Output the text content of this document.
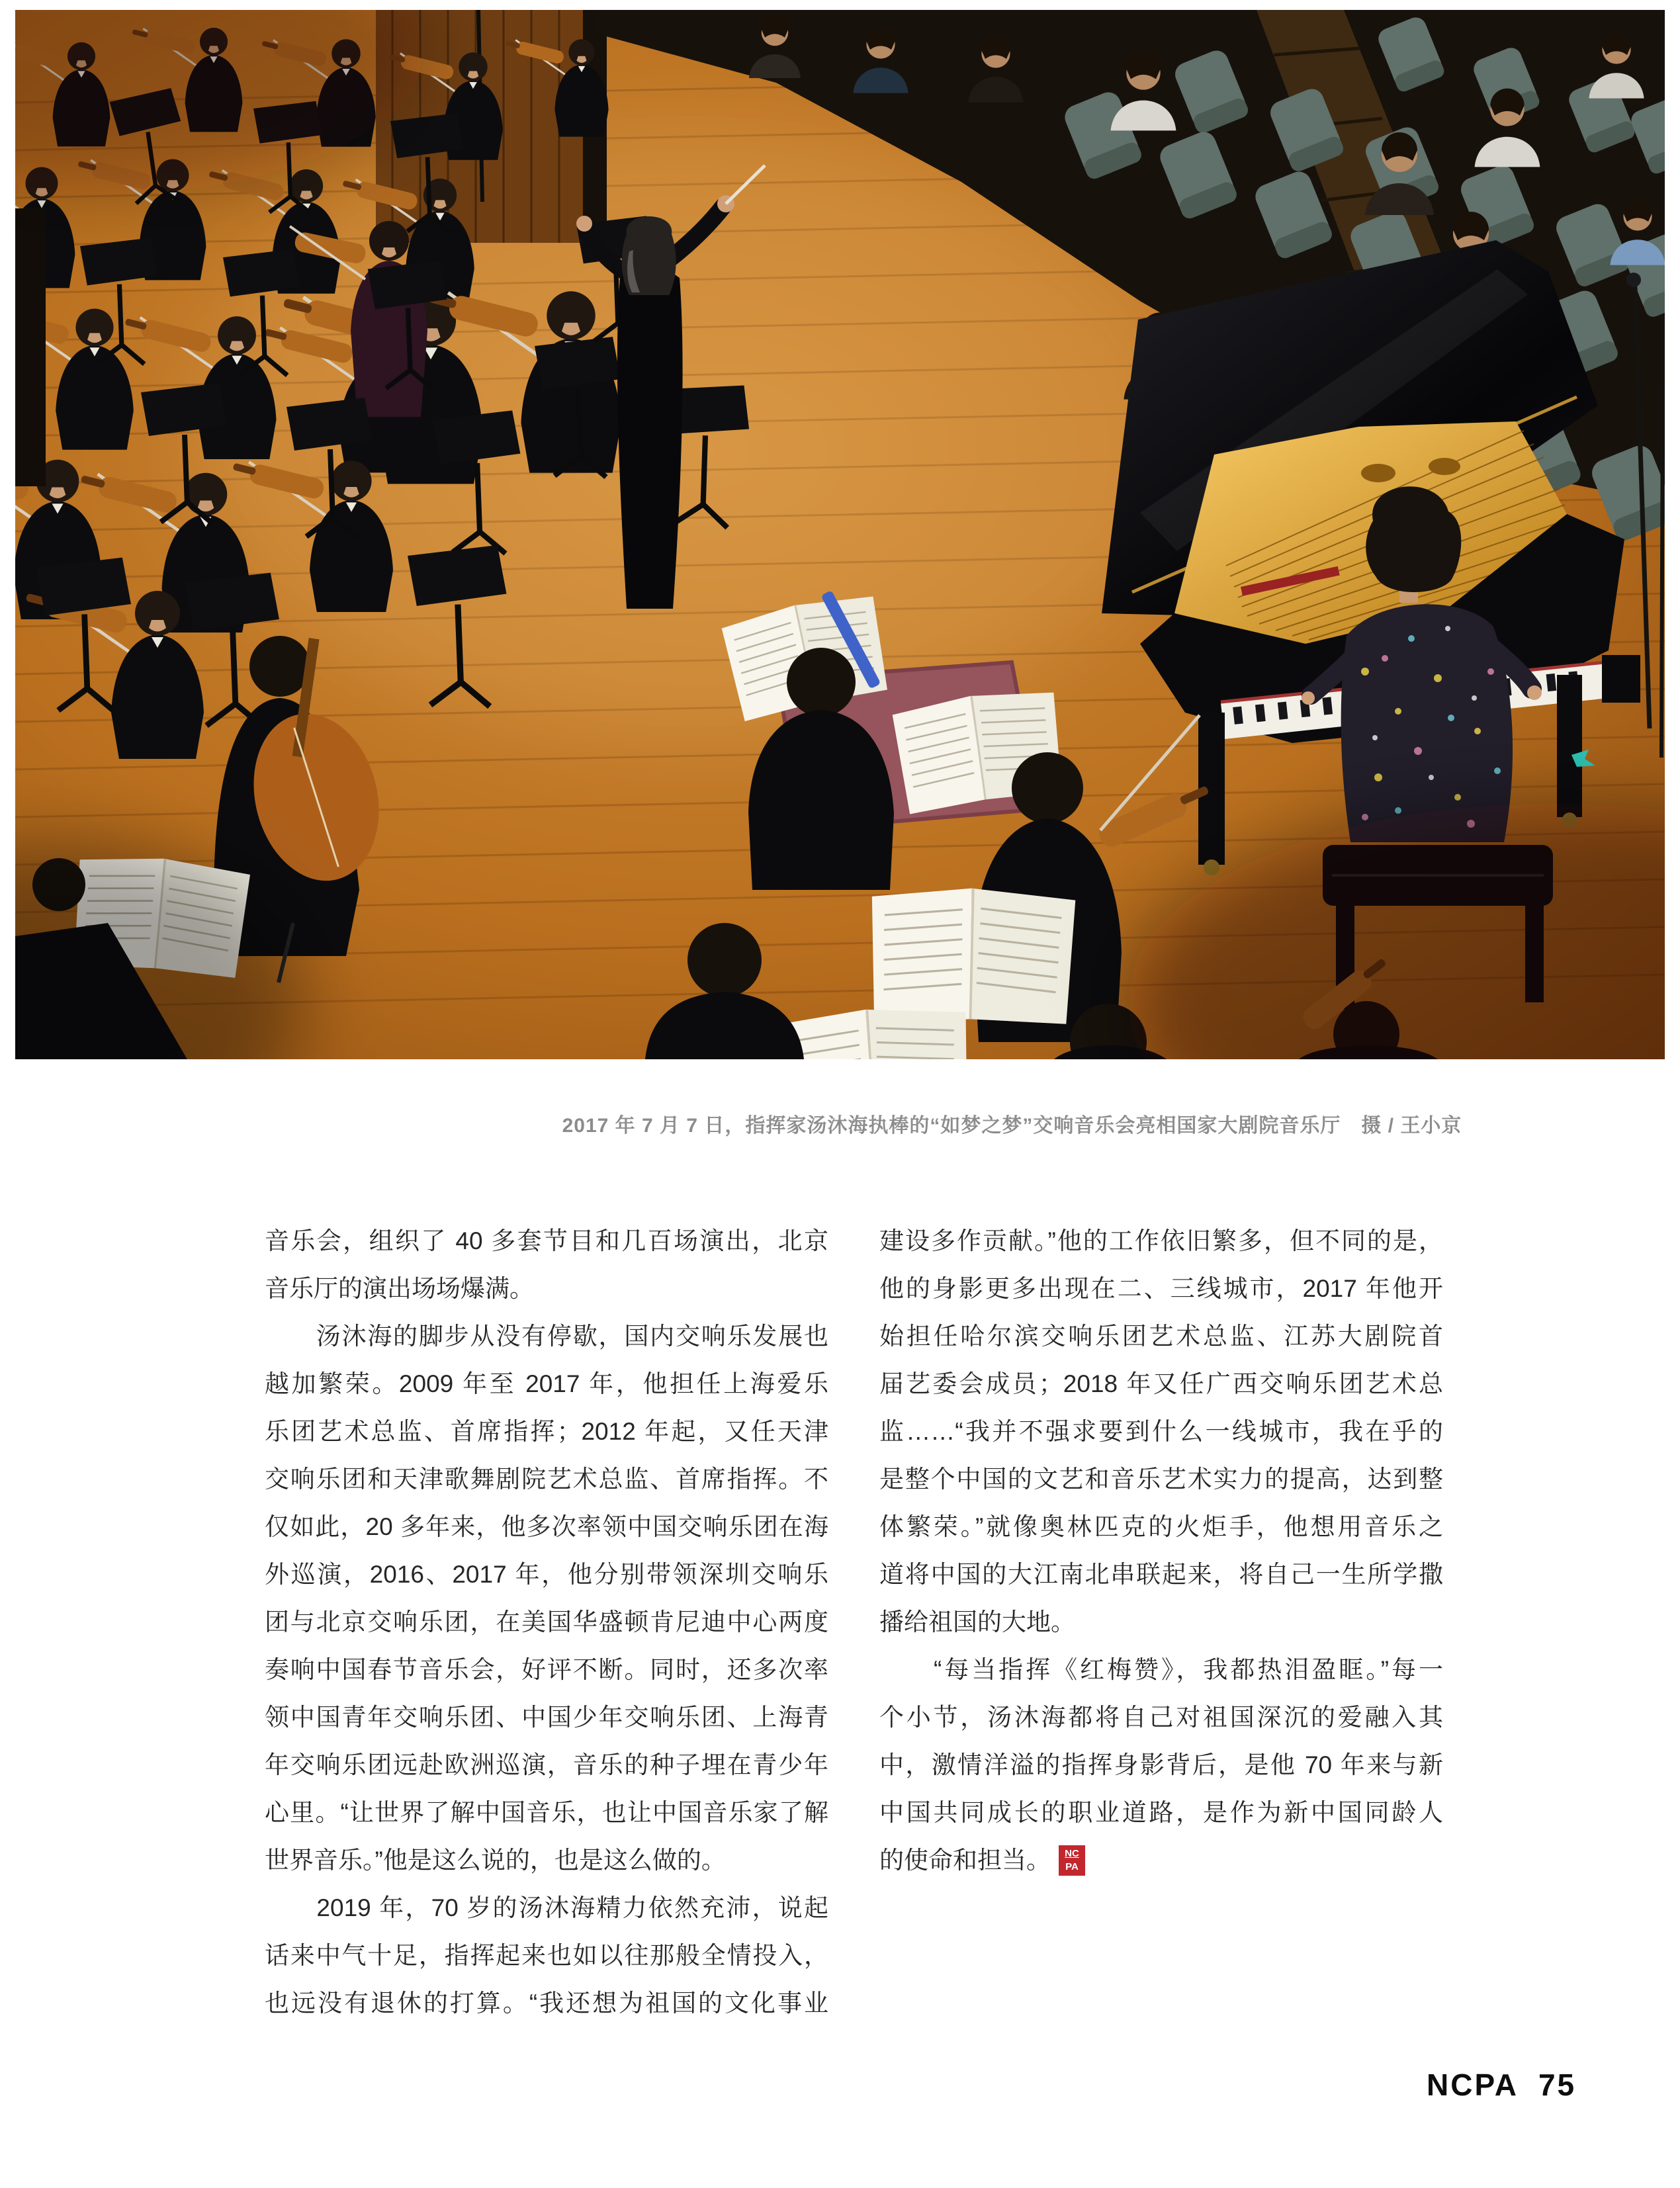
2017 年 7 月 7 日，指挥家汤沐海执棒的“如梦之梦”交响音乐会亮相国家大剧院音乐厅　摄 / 王小京
音乐会，组织了 40 多套节目和几百场演出，北京
音乐厅的演出场场爆满。
　　汤沐海的脚步从没有停歇，国内交响乐发展也
越加繁荣。2009 年至 2017 年，他担任上海爱乐
乐团艺术总监、首席指挥；2012 年起，又任天津
交响乐团和天津歌舞剧院艺术总监、首席指挥。不
仅如此，20 多年来，他多次率领中国交响乐团在海
外巡演，2016、2017 年，他分别带领深圳交响乐
团与北京交响乐团，在美国华盛顿肯尼迪中心两度
奏响中国春节音乐会，好评不断。同时，还多次率
领中国青年交响乐团、中国少年交响乐团、上海青
年交响乐团远赴欧洲巡演，音乐的种子埋在青少年
心里。“让世界了解中国音乐，也让中国音乐家了解
世界音乐。”他是这么说的，也是这么做的。
　　2019 年，70 岁的汤沐海精力依然充沛，说起
话来中气十足，指挥起来也如以往那般全情投入，
也远没有退休的打算。“我还想为祖国的文化事业
建设多作贡献。”他的工作依旧繁多，但不同的是，
他的身影更多出现在二、三线城市，2017 年他开
始担任哈尔滨交响乐团艺术总监、江苏大剧院首
届艺委会成员；2018 年又任广西交响乐团艺术总
监……“我并不强求要到什么一线城市，我在乎的
是整个中国的文艺和音乐艺术实力的提高，达到整
体繁荣。”就像奥林匹克的火炬手，他想用音乐之
道将中国的大江南北串联起来，将自己一生所学撒
播给祖国的大地。
　　“每当指挥《红梅赞》，我都热泪盈眶。”每一
个小节，汤沐海都将自己对祖国深沉的爱融入其
中，激情洋溢的指挥身影背后，是他 70 年来与新
中国共同成长的职业道路，是作为新中国同龄人
的使命和担当。	NC
PA
NCPA 75
